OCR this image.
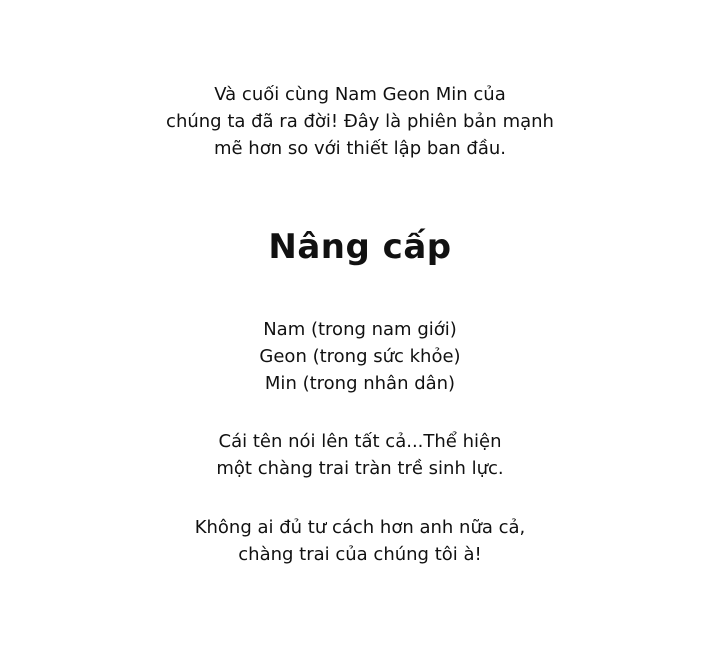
Và cuối cùng Nam Geon Min của
chúng ta đã ra đời! Đây là phiên bản mạnh
mẽ hơn so với thiết lập ban đầu.
Nâng cấp
Nam (trong nam giới)
Geon (trong sức khỏe)
Min (trong nhân dân)
Cái tên nói lên tất cả...Thể hiện
một chàng trai tràn trề sinh lực.
Không ai đủ tư cách hơn anh nữa cả,
chàng trai của chúng tôi à!
